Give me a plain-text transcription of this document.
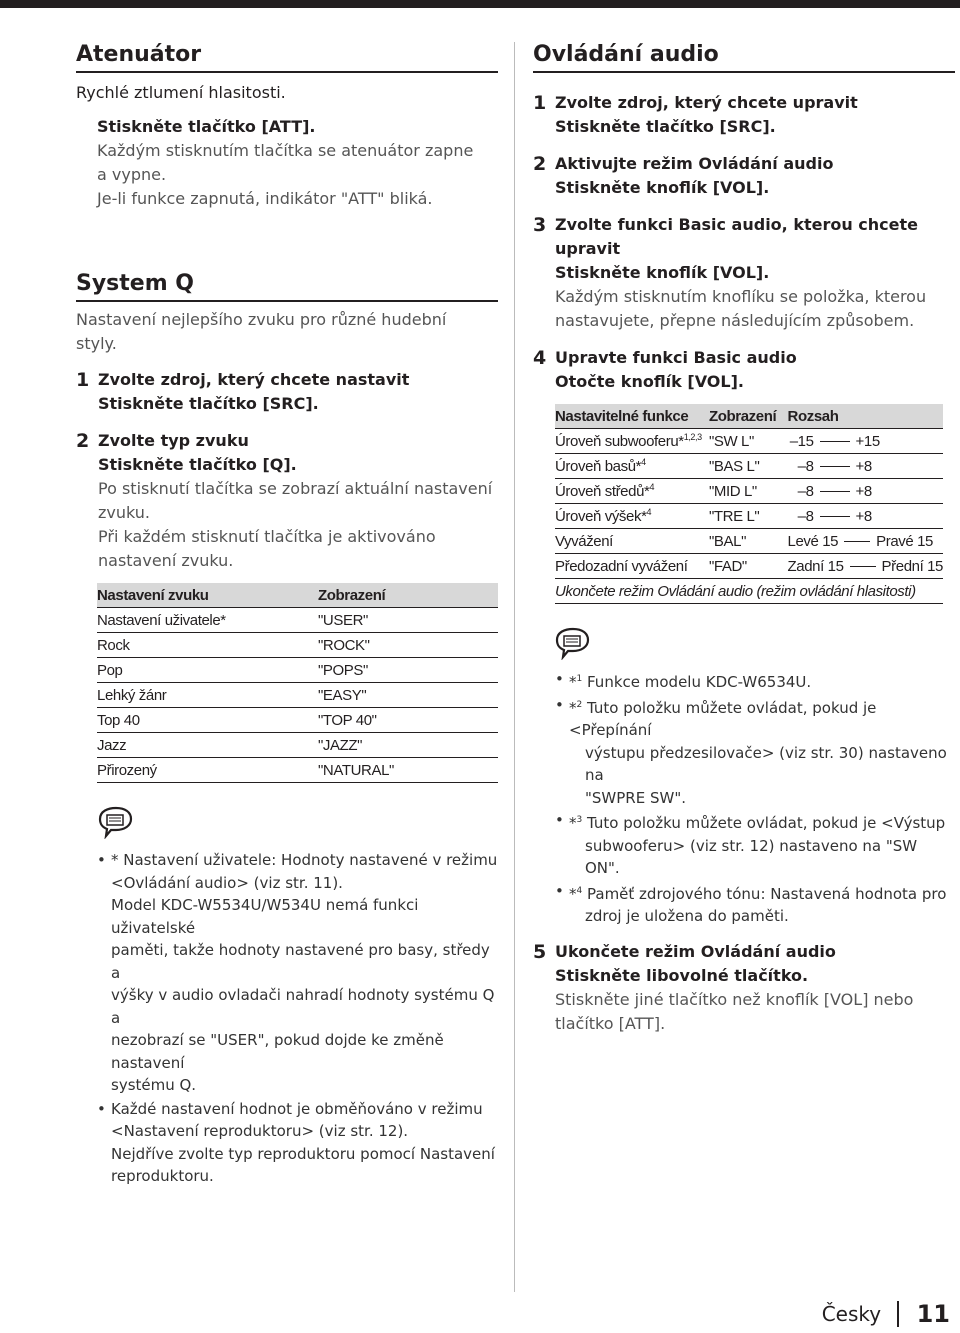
Atenuátor
Rychlé ztlumení hlasitosti.
Stiskněte tlačítko [ATT].
Každým stisknutím tlačítka se atenuátor zapne
a vypne.
Je-li funkce zapnutá, indikátor "ATT" bliká.
System Q
Nastavení nejlepšího zvuku pro různé hudební
styly.
1 Zvolte zdroj, který chcete nastavit
Stiskněte tlačítko [SRC].
2 Zvolte typ zvuku
Stiskněte tlačítko [Q].
Po stisknutí tlačítka se zobrazí aktuální nastavení
zvuku.
Při každém stisknutí tlačítka je aktivováno
nastavení zvuku.
Nastavení zvuku	Zobrazení
Nastavení uživatele*	"USER"
Rock	"ROCK"
Pop	"POPS"
Lehký žánr	"EASY"
Top 40	"TOP 40"
Jazz	"JAZZ"
Přirozený	"NATURAL"
• * Nastavení uživatele: Hodnoty nastavené v režimu
<Ovládání audio> (viz str. 11).
Model KDC-W5534U/W534U nemá funkci uživatelské
paměti, takže hodnoty nastavené pro basy, středy a
výšky v audio ovladači nahradí hodnoty systému Q a
nezobrazí se "USER", pokud dojde ke změně nastavení
systému Q.
• Každé nastavení hodnot je obměňováno v režimu
<Nastavení reproduktoru> (viz str. 12).
Nejdříve zvolte typ reproduktoru pomocí Nastavení
reproduktoru.
Ovládání audio
1 Zvolte zdroj, který chcete upravit
Stiskněte tlačítko [SRC].
2 Aktivujte režim Ovládání audio
Stiskněte knoflík [VOL].
3 Zvolte funkci Basic audio, kterou chcete
upravit
Stiskněte knoflík [VOL].
Každým stisknutím knoflíku se položka, kterou
nastavujete, přepne následujícím způsobem.
4 Upravte funkci Basic audio
Otočte knoflík [VOL].
Nastavitelné funkce	Zobrazení	Rozsah
Úroveň subwooferu*$^{1,2,3}$	"SW L"	–15 +15
Úroveň basů*$^4$	"BAS L"	–8 +8
Úroveň středů*$^4$	"MID L"	–8 +8
Úroveň výšek*$^4$	"TRE L"	–8 +8
Vyvážení	"BAL"	Levé 15 Pravé 15
Předozadní vyvážení	"FAD"	Zadní 15 Přední 15
Ukončete režim Ovládání audio (režim ovládání hlasitosti)		
• *$^1$ Funkce modelu KDC-W6534U.
• *$^2$ Tuto položku můžete ovládat, pokud je <Přepínání
výstupu předzesilovače> (viz str. 30) nastaveno na
"SWPRE SW".
• *$^3$ Tuto položku můžete ovládat, pokud je <Výstup
subwooferu> (viz str. 12) nastaveno na "SW ON".
• *$^4$ Paměť zdrojového tónu: Nastavená hodnota pro
zdroj je uložena do paměti.
5 Ukončete režim Ovládání audio
Stiskněte libovolné tlačítko.
Stiskněte jiné tlačítko než knoflík [VOL] nebo
tlačítko [ATT].
Česky 11
